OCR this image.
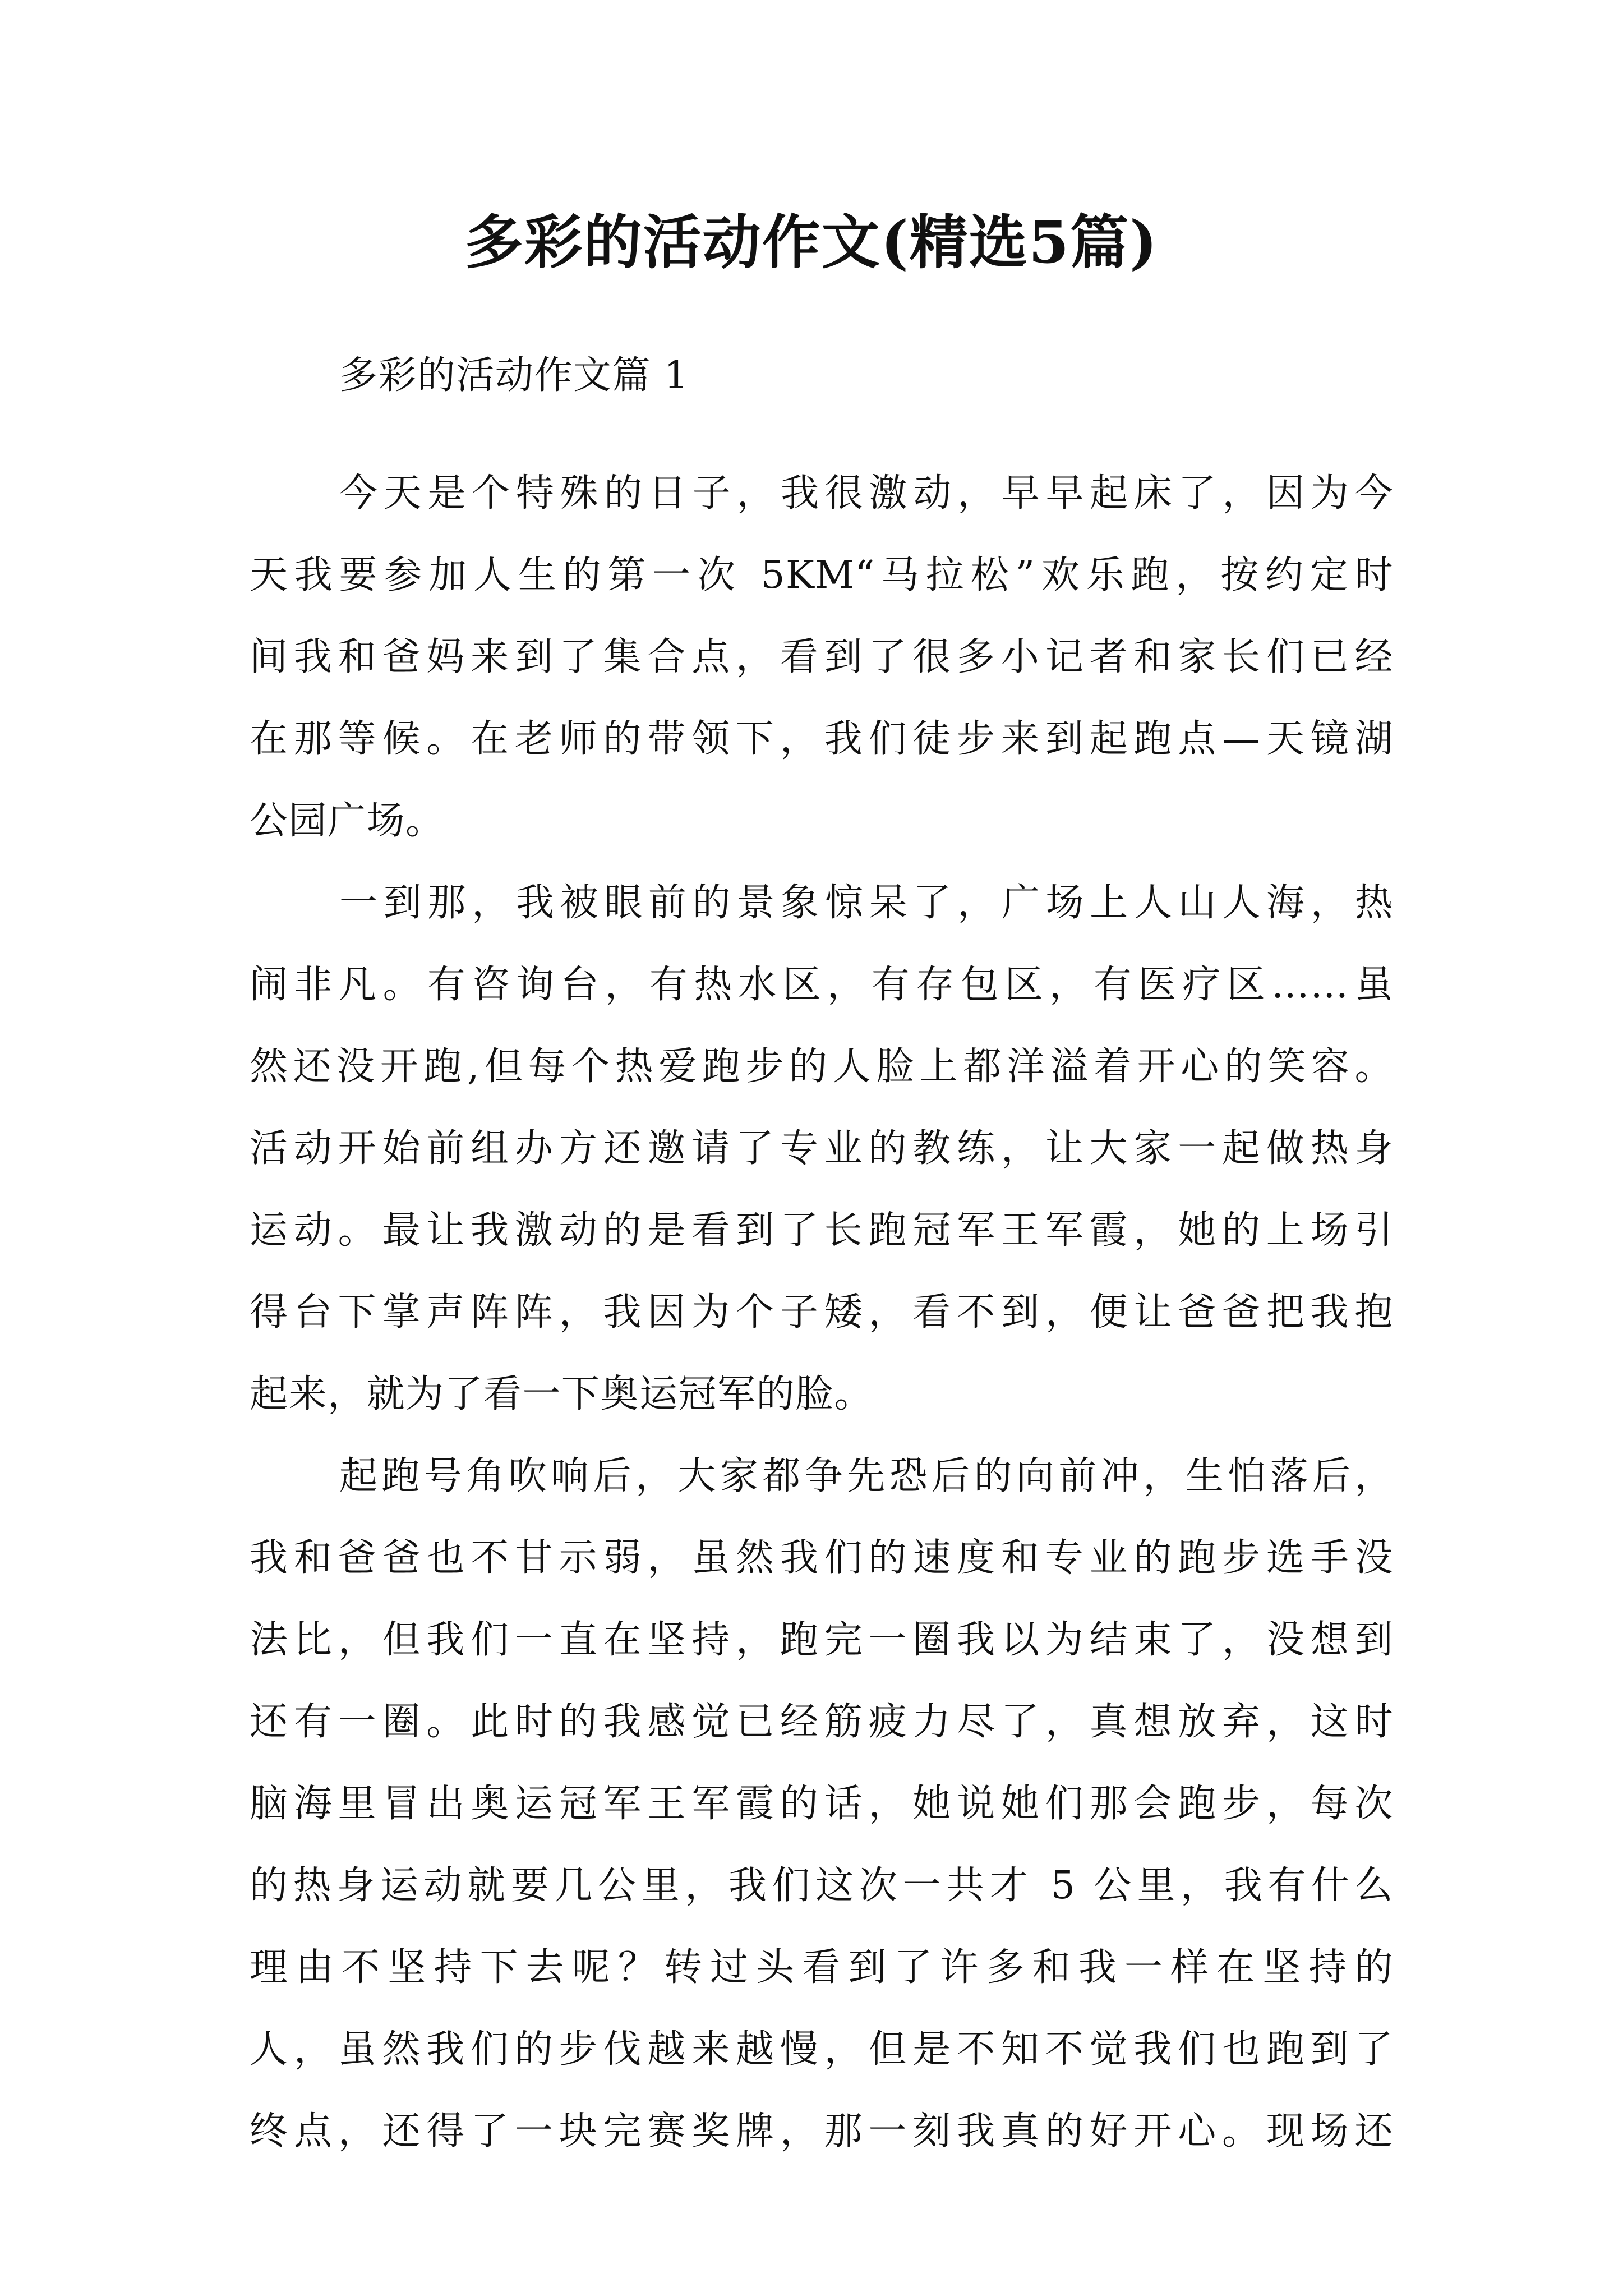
多彩的活动作文(精选5篇)
多彩的活动作文篇 1
今天是个特殊的日子，我很激动，早早起床了，因为今
天我要参加人生的第一次 5KM“马拉松”欢乐跑，按约定时
间我和爸妈来到了集合点，看到了很多小记者和家长们已经
在那等候。在老师的带领下，我们徒步来到起跑点—天镜湖
公园广场。
一到那，我被眼前的景象惊呆了，广场上人山人海，热
闹非凡。有咨询台，有热水区，有存包区，有医疗区……虽
然还没开跑,但每个热爱跑步的人脸上都洋溢着开心的笑容。
活动开始前组办方还邀请了专业的教练，让大家一起做热身
运动。最让我激动的是看到了长跑冠军王军霞，她的上场引
得台下掌声阵阵，我因为个子矮，看不到，便让爸爸把我抱
起来，就为了看一下奥运冠军的脸。
起跑号角吹响后，大家都争先恐后的向前冲，生怕落后，
我和爸爸也不甘示弱，虽然我们的速度和专业的跑步选手没
法比，但我们一直在坚持，跑完一圈我以为结束了，没想到
还有一圈。此时的我感觉已经筋疲力尽了，真想放弃，这时
脑海里冒出奥运冠军王军霞的话，她说她们那会跑步，每次
的热身运动就要几公里，我们这次一共才 5 公里，我有什么
理由不坚持下去呢？转过头看到了许多和我一样在坚持的
人，虽然我们的步伐越来越慢，但是不知不觉我们也跑到了
终点，还得了一块完赛奖牌，那一刻我真的好开心。现场还
